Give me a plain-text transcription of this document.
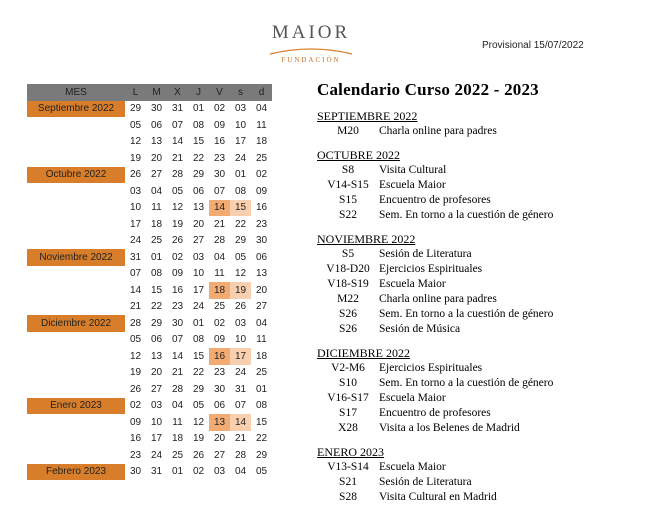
MAIOR
FUNDACIÓN
Provisional 15/07/2022
MES	L	M	X	J	V	s	d
Septiembre 2022	29	30	31	01	02	03	04
	05	06	07	08	09	10	11
	12	13	14	15	16	17	18
	19	20	21	22	23	24	25
Octubre 2022	26	27	28	29	30	01	02
	03	04	05	06	07	08	09
	10	11	12	13	14	15	16
	17	18	19	20	21	22	23
	24	25	26	27	28	29	30
Noviembre 2022	31	01	02	03	04	05	06
	07	08	09	10	11	12	13
	14	15	16	17	18	19	20
	21	22	23	24	25	26	27
Diciembre 2022	28	29	30	01	02	03	04
	05	06	07	08	09	10	11
	12	13	14	15	16	17	18
	19	20	21	22	23	24	25
	26	27	28	29	30	31	01
Enero 2023	02	03	04	05	06	07	08
	09	10	11	12	13	14	15
	16	17	18	19	20	21	22
	23	24	25	26	27	28	29
Febrero 2023	30	31	01	02	03	04	05
Calendario Curso 2022 - 2023
SEPTIEMBRE 2022
M20	Charla online para padres
OCTUBRE 2022
S8	Visita Cultural
V14-S15 Escuela Maior
S15	Encuentro de profesores
S22	Sem. En torno a la cuestión de género
NOVIEMBRE 2022
S5	Sesión de Literatura
V18-D20 Ejercicios Espirituales
V18-S19 Escuela Maior
M22	Charla online para padres
S26	Sem. En torno a la cuestión de género
S26	Sesión de Música
DICIEMBRE 2022
V2-M6	Ejercicios Espirituales
S10	Sem. En torno a la cuestión de género
V16-S17 Escuela Maior
S17	Encuentro de profesores
X28	Visita a los Belenes de Madrid
ENERO 2023
V13-S14 Escuela Maior
S21	Sesión de Literatura
S28	Visita Cultural en Madrid
